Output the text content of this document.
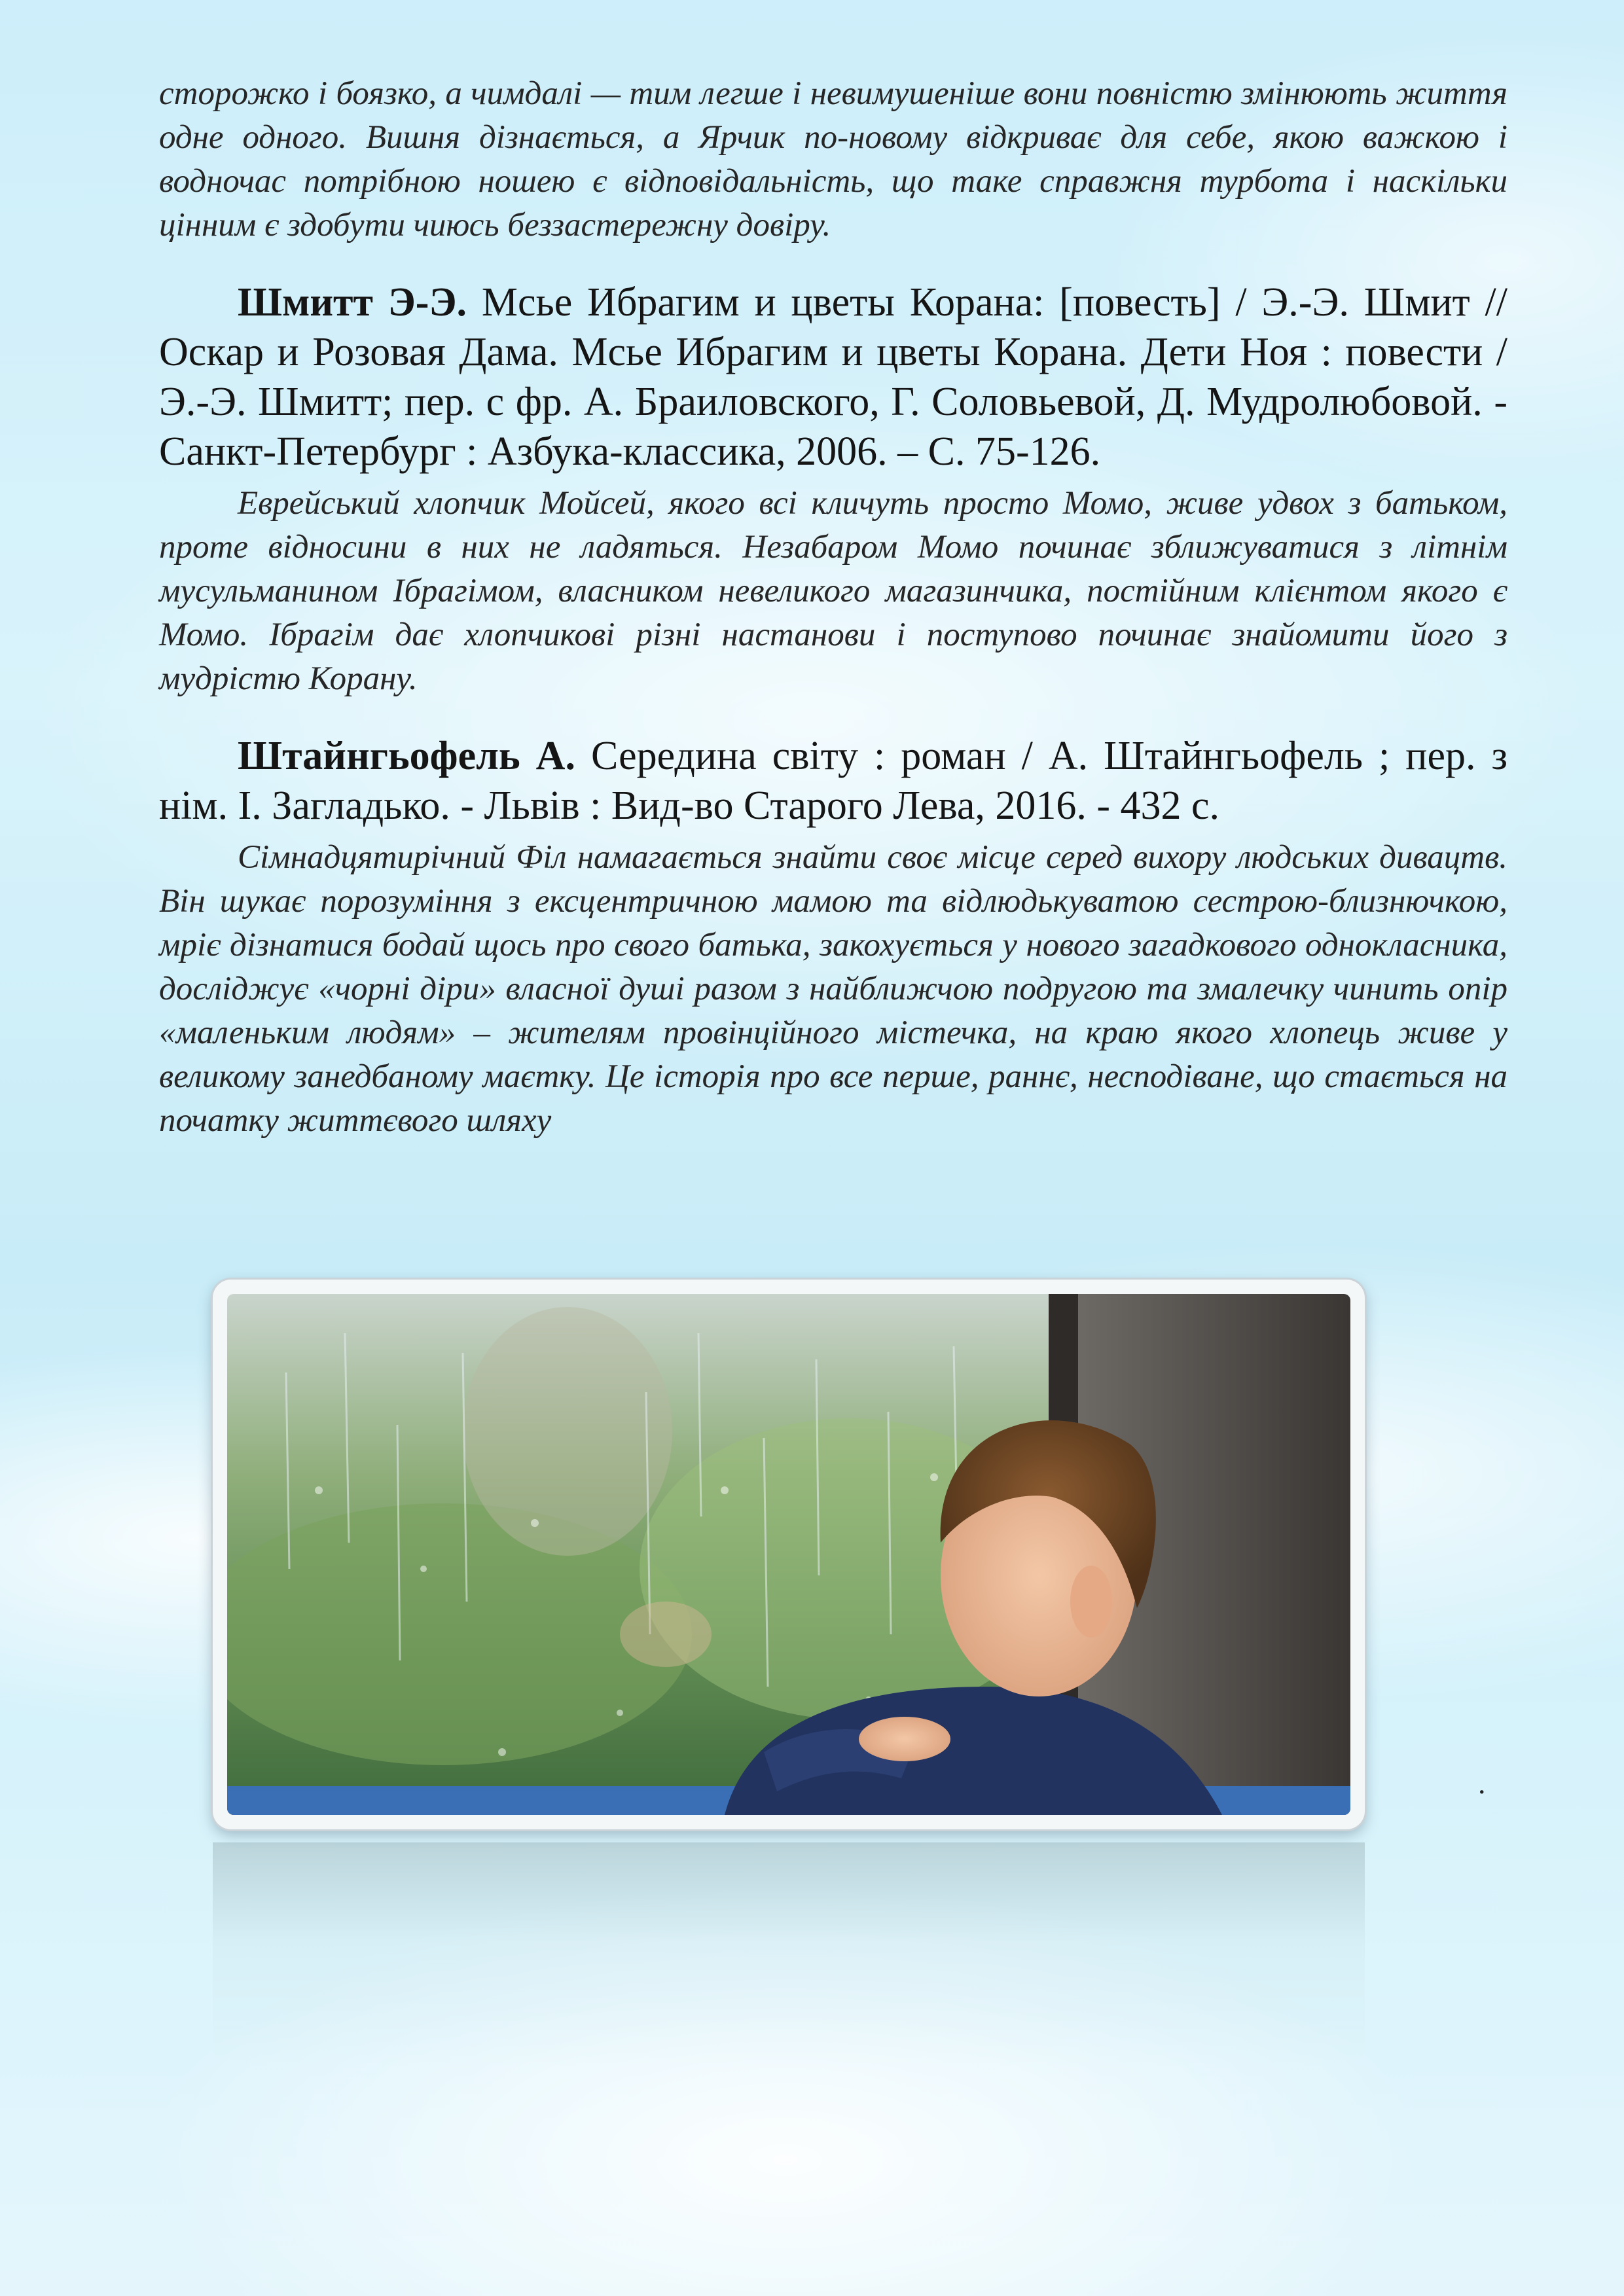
сторожко і боязко, а чимдалі — тим легше і невимушеніше вони повністю змінюють життя одне одного. Вишня дізнається, а Ярчик по-новому відкриває для себе, якою важкою і водночас потрібною ношею є відповідальність, що таке справжня турбота і наскільки цінним є здобути чиюсь беззастережну довіру.

Шмитт Э-Э. Мсье Ибрагим и цветы Корана: [повесть] / Э.-Э. Шмит // Оскар и Розовая Дама. Мсье Ибрагим и цветы Корана. Дети Ноя : повести / Э.-Э. Шмитт; пер. с фр. А. Браиловского, Г. Соловьевой, Д. Мудролюбовой. - Санкт-Петербург : Азбука-классика, 2006. – С. 75-126.

Еврейський хлопчик Мойсей, якого всі кличуть просто Момо, живе удвох з батьком, проте відносини в них не ладяться. Незабаром Момо починає зближуватися з літнім мусульманином Ібрагімом, власником невеликого магазинчика, постійним клієнтом якого є Момо. Ібрагім дає хлопчикові різні настанови і поступово починає знайомити його з мудрістю Корану.

Штайнгьофель А. Середина світу : роман / А. Штайнгьофель ; пер. з нім. І. Загладько. - Львів : Вид-во Старого Лева, 2016. - 432 с.

Сімнадцятирічний Філ намагається знайти своє місце серед вихору людських дивацтв. Він шукає порозуміння з ексцентричною мамою та відлюдькуватою сестрою-близнючкою, мріє дізнатися бодай щось про свого батька, закохується у нового загадкового однокласника, досліджує «чорні діри» власної душі разом з найближчою подругою та змалечку чинить опір «маленьким людям» – жителям провінційного містечка, на краю якого хлопець живе у великому занедбаному маєтку. Це історія про все перше, раннє, несподіване, що стається на початку життєвого шляху

.
